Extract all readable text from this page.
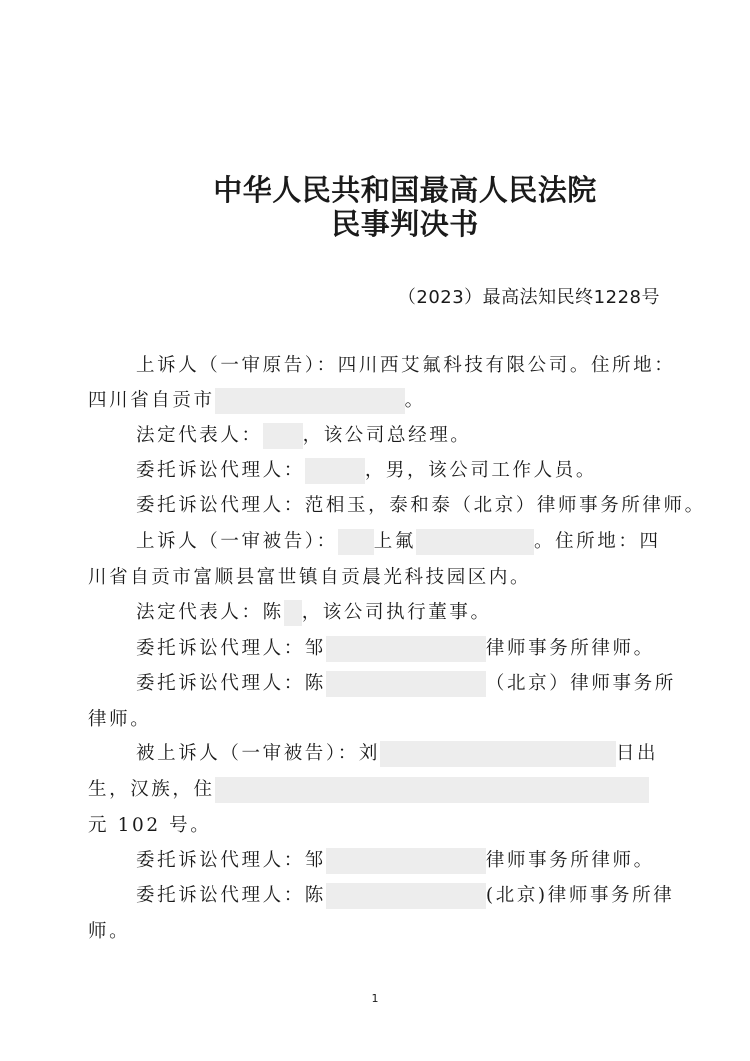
中华人民共和国最高人民法院
民事判决书
（2023）最高法知民终1228号
上诉人（一审原告）：四川西艾氟科技有限公司。住所地：
四川省自贡市	。
法定代表人： ，该公司总经理。
委托诉讼代理人：	，男，该公司工作人员。
委托诉讼代理人：范相玉，泰和泰（北京）律师事务所律师。
上诉人（一审被告）： 上氟	。住所地：四
川省自贡市富顺县富世镇自贡晨光科技园区内。
法定代表人：陈 ，该公司执行董事。
委托诉讼代理人：邹	律师事务所律师。
委托诉讼代理人：陈	（北京）律师事务所
律师。
被上诉人（一审被告）：刘	日出
生，汉族，住
元 102 号。
委托诉讼代理人：邹	律师事务所律师。
委托诉讼代理人：陈	(北京)律师事务所律
师。
1
